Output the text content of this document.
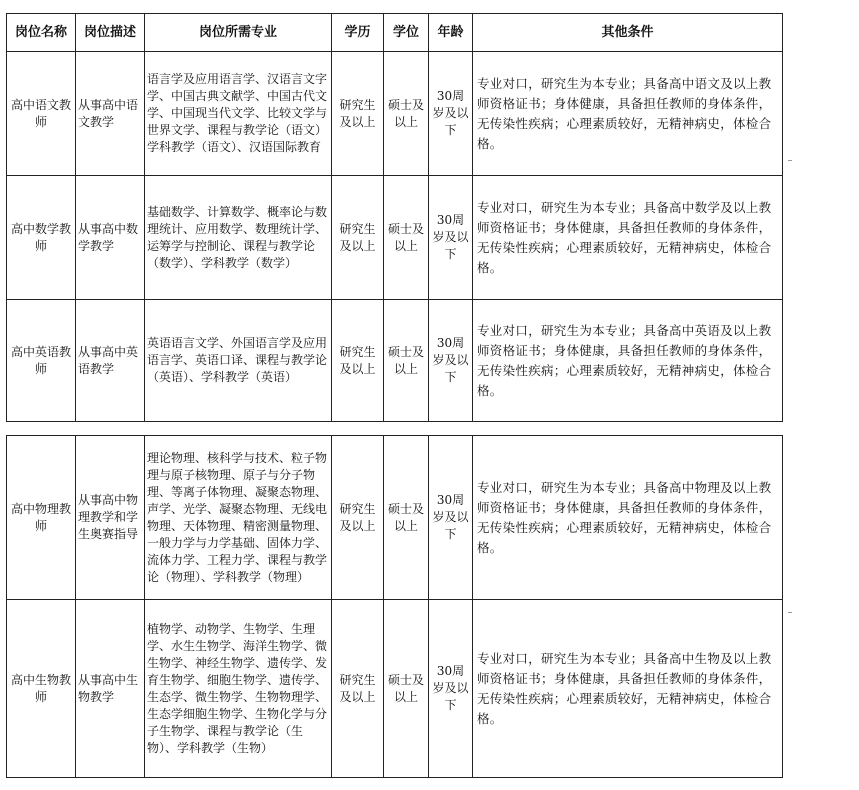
岗位名称	岗位描述	岗位所需专业	学历	学位	年龄	其他条件
高中语文教师	从事高中语文教学	语言学及应用语言学、汉语言文字学、中国古典文献学、中国古代文学、中国现当代文学、比较文学与世界文学、课程与教学论（语文）学科教学（语文）、汉语国际教育	研究生及以上	硕士及以上	30周岁及以下	专业对口，研究生为本专业；具备高中语文及以上教师资格证书；身体健康，具备担任教师的身体条件，无传染性疾病；心理素质较好，无精神病史，体检合格。
高中数学教师	从事高中数学教学	基础数学、计算数学、概率论与数理统计、应用数学、数理统计学、运筹学与控制论、课程与教学论（数学）、学科教学（数学）	研究生及以上	硕士及以上	30周岁及以下	专业对口，研究生为本专业；具备高中数学及以上教师资格证书；身体健康，具备担任教师的身体条件，无传染性疾病；心理素质较好，无精神病史，体检合格。
高中英语教师	从事高中英语教学	英语语言文学、外国语言学及应用语言学、英语口译、课程与教学论（英语）、学科教学（英语）	研究生及以上	硕士及以上	30周岁及以下	专业对口，研究生为本专业；具备高中英语及以上教师资格证书；身体健康，具备担任教师的身体条件，无传染性疾病；心理素质较好，无精神病史，体检合格。
高中物理教师	从事高中物理教学和学生奥赛指导	理论物理、核科学与技术、粒子物理与原子核物理、原子与分子物理、等离子体物理、凝聚态物理、声学、光学、凝聚态物理、无线电物理、天体物理、精密测量物理、一般力学与力学基础、固体力学、流体力学、工程力学、课程与教学论（物理）、学科教学（物理）	研究生及以上	硕士及以上	30周岁及以下	专业对口，研究生为本专业；具备高中物理及以上教师资格证书；身体健康，具备担任教师的身体条件，无传染性疾病；心理素质较好，无精神病史，体检合格。
高中生物教师	从事高中生物教学	植物学、动物学、生物学、生理学、水生生物学、海洋生物学、微生物学、神经生物学、遗传学、发育生物学、细胞生物学、遗传学、生态学、微生物学、生物物理学、生态学细胞生物学、生物化学与分子生物学、课程与教学论（生物）、学科教学（生物）	研究生及以上	硕士及以上	30周岁及以下	专业对口，研究生为本专业；具备高中生物及以上教师资格证书；身体健康，具备担任教师的身体条件，无传染性疾病；心理素质较好，无精神病史，体检合格。
